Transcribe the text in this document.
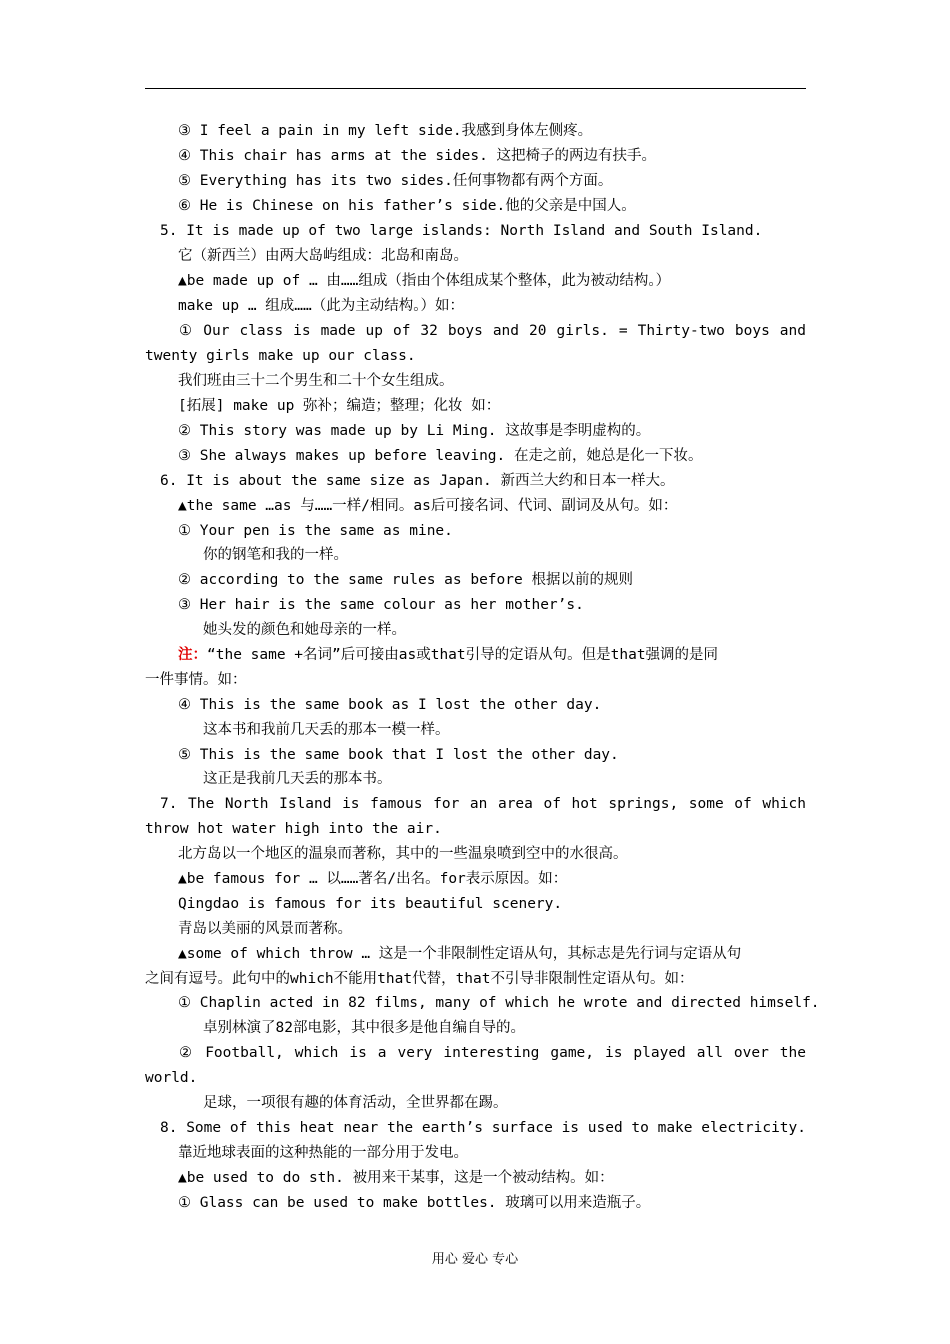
③ I feel a pain in my left side.我感到身体左侧疼。
④ This chair has arms at the sides. 这把椅子的两边有扶手。
⑤ Everything has its two sides.任何事物都有两个方面。
⑥ He is Chinese on his father’s side.他的父亲是中国人。
5. It is made up of two large islands: North Island and South Island.
它（新西兰）由两大岛屿组成：北岛和南岛。
▲be made up of … 由……组成（指由个体组成某个整体，此为被动结构。）
make up … 组成……（此为主动结构。）如：
① Our class is made up of 32 boys and 20 girls. = Thirty-two boys and
twenty girls make up our class.
我们班由三十二个男生和二十个女生组成。
[拓展] make up 弥补；编造；整理；化妆 如：
② This story was made up by Li Ming. 这故事是李明虚构的。
③ She always makes up before leaving. 在走之前，她总是化一下妆。
6. It is about the same size as Japan. 新西兰大约和日本一样大。
▲the same …as 与……一样/相同。as后可接名词、代词、副词及从句。如：
① Your pen is the same as mine.
你的钢笔和我的一样。
② according to the same rules as before 根据以前的规则
③ Her hair is the same colour as her mother’s.
她头发的颜色和她母亲的一样。
注：“the same +名词”后可接由as或that引导的定语从句。但是that强调的是同
一件事情。如：
④ This is the same book as I lost the other day.
这本书和我前几天丢的那本一模一样。
⑤ This is the same book that I lost the other day.
这正是我前几天丢的那本书。
7. The North Island is famous for an area of hot springs, some of which
throw hot water high into the air.
北方岛以一个地区的温泉而著称，其中的一些温泉喷到空中的水很高。
▲be famous for … 以……著名/出名。for表示原因。如：
Qingdao is famous for its beautiful scenery.
青岛以美丽的风景而著称。
▲some of which throw … 这是一个非限制性定语从句，其标志是先行词与定语从句
之间有逗号。此句中的which不能用that代替，that不引导非限制性定语从句。如：
① Chaplin acted in 82 films, many of which he wrote and directed himself.
卓别林演了82部电影，其中很多是他自编自导的。
② Football, which is a very interesting game, is played all over the
world.
足球，一项很有趣的体育活动，全世界都在踢。
8. Some of this heat near the earth’s surface is used to make electricity.
靠近地球表面的这种热能的一部分用于发电。
▲be used to do sth. 被用来干某事，这是一个被动结构。如：
① Glass can be used to make bottles. 玻璃可以用来造瓶子。
用心 爱心 专心
